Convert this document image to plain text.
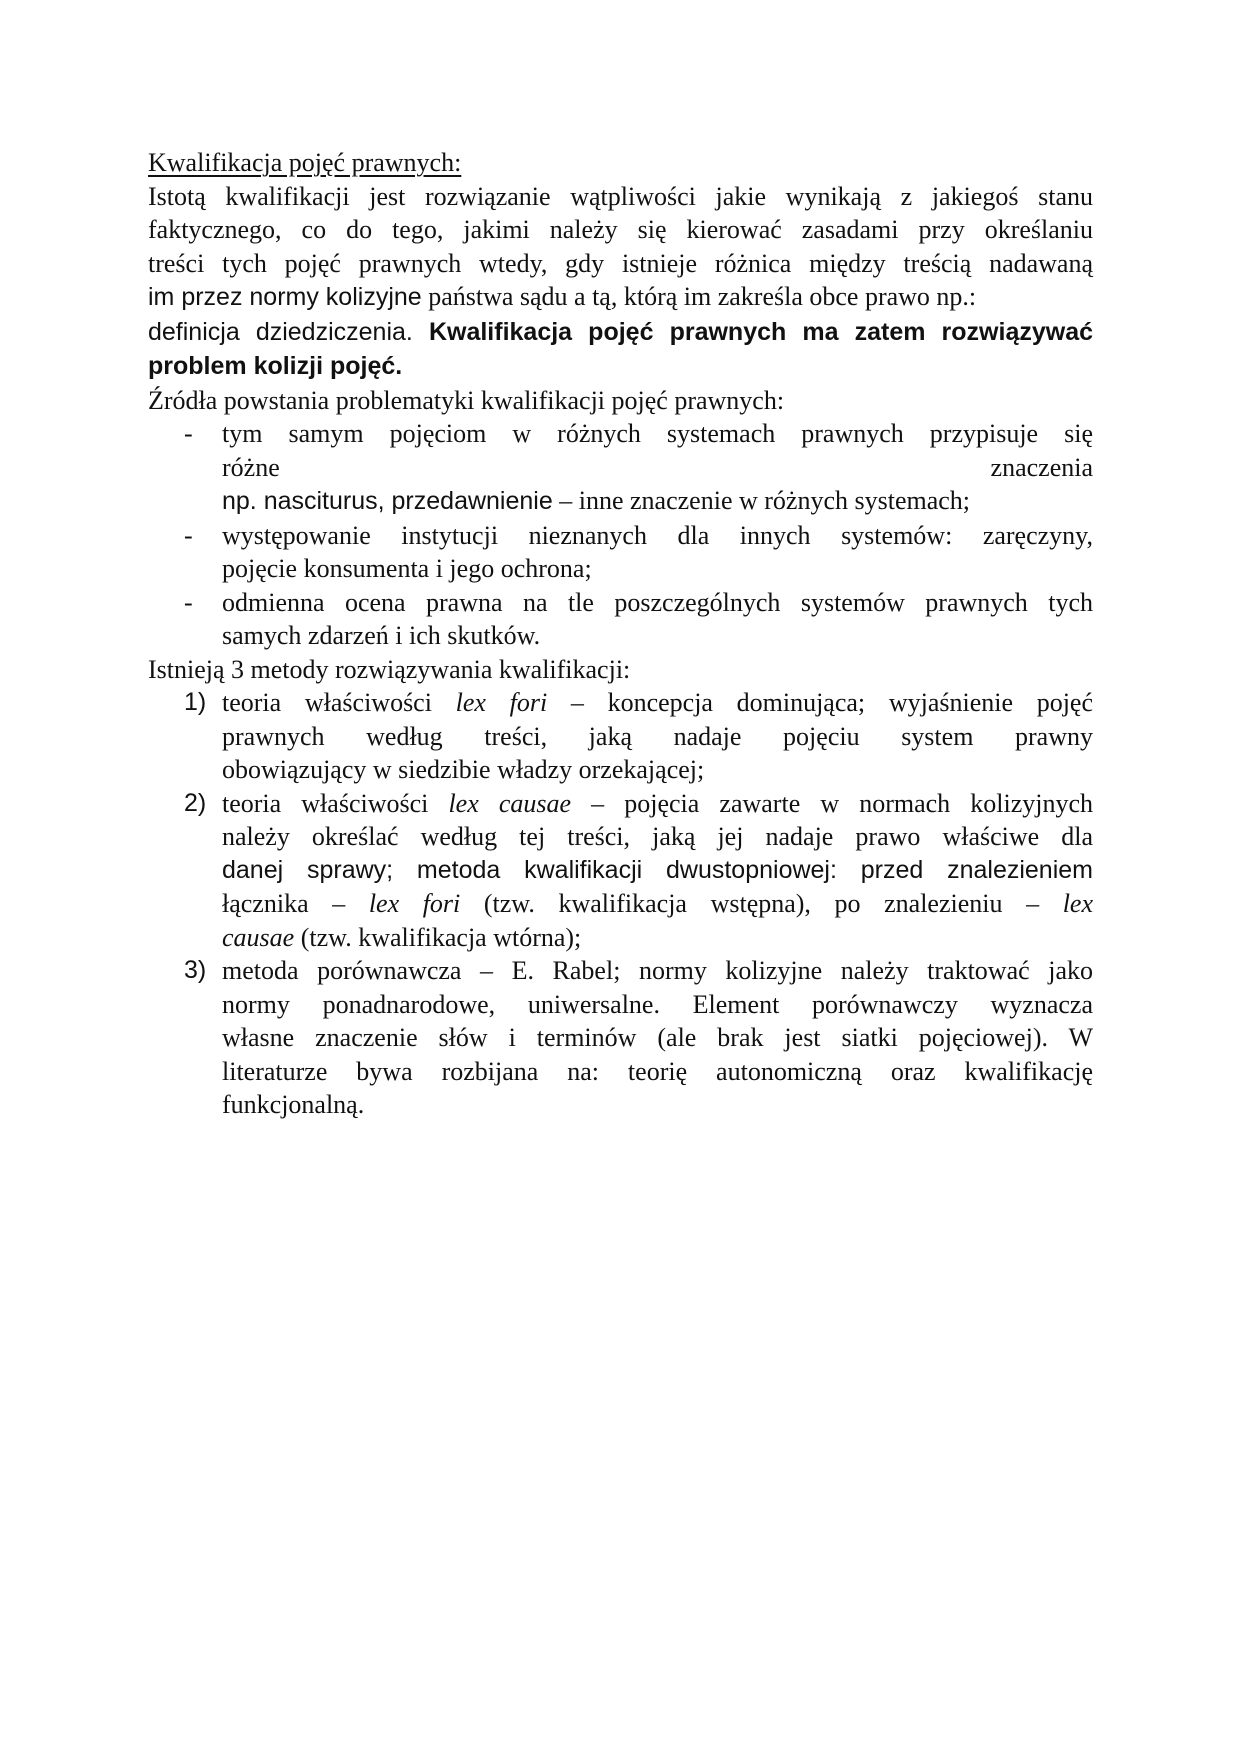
Kwalifikacja pojęć prawnych:
Istotą kwalifikacji jest rozwiązanie wątpliwości jakie wynikają z jakiegoś stanu
faktycznego, co do tego, jakimi należy się kierować zasadami przy określaniu
treści tych pojęć prawnych wtedy, gdy istnieje różnica między treścią nadawaną
im przez normy kolizyjne państwa sądu a tą, którą im zakreśla obce prawo np.:
definicja dziedziczenia. Kwalifikacja pojęć prawnych ma zatem rozwiązywać
problem kolizji pojęć.
Źródła powstania problematyki kwalifikacji pojęć prawnych:
-	tym samym pojęciom w różnych systemach prawnych przypisuje się
różne	znaczenia
np. nasciturus, przedawnienie – inne znaczenie w różnych systemach;
-	występowanie instytucji nieznanych dla innych systemów: zaręczyny,
pojęcie konsumenta i jego ochrona;
-	odmienna ocena prawna na tle poszczególnych systemów prawnych tych
samych zdarzeń i ich skutków.
Istnieją 3 metody rozwiązywania kwalifikacji:
1) teoria właściwości lex fori – koncepcja dominująca; wyjaśnienie pojęć
prawnych według treści, jaką nadaje pojęciu system prawny
obowiązujący w siedzibie władzy orzekającej;
2) teoria właściwości lex causae – pojęcia zawarte w normach kolizyjnych
należy określać według tej treści, jaką jej nadaje prawo właściwe dla
danej sprawy; metoda kwalifikacji dwustopniowej: przed znalezieniem
łącznika – lex fori (tzw. kwalifikacja wstępna), po znalezieniu – lex
causae (tzw. kwalifikacja wtórna);
3) metoda porównawcza – E. Rabel; normy kolizyjne należy traktować jako
normy ponadnarodowe, uniwersalne. Element porównawczy wyznacza
własne znaczenie słów i terminów (ale brak jest siatki pojęciowej). W
literaturze bywa rozbijana na: teorię autonomiczną oraz kwalifikację
funkcjonalną.
